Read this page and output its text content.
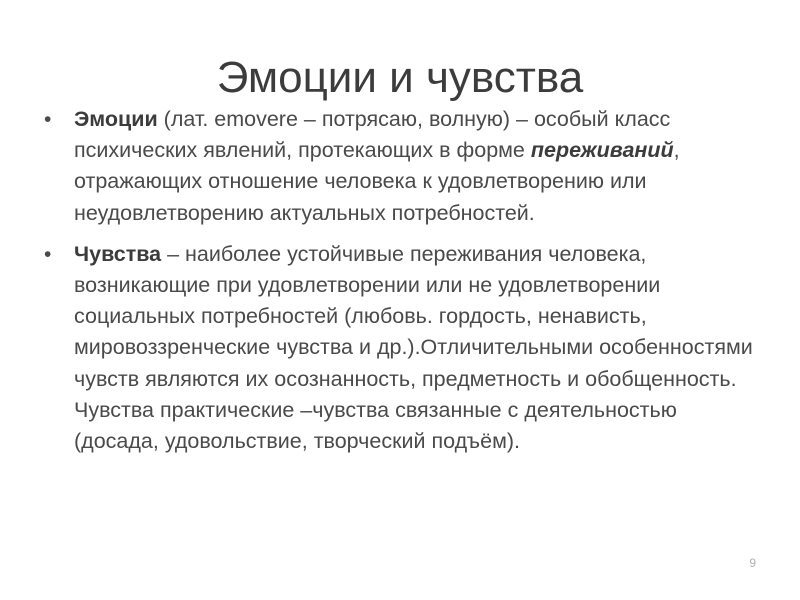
Эмоции и чувства

• Эмоции (лат. emovere – потрясаю, волную) – особый класс психических явлений, протекающих в форме переживаний, отражающих отношение человека к удовлетворению или неудовлетворению актуальных потребностей.

• Чувства – наиболее устойчивые переживания человека, возникающие при удовлетворении или не удовлетворении социальных потребностей (любовь. гордость, ненависть, мировоззренческие чувства и др.).Отличительными особенностями чувств являются их осознанность, предметность и обобщенность. Чувства практические –чувства связанные с деятельностью (досада, удовольствие, творческий подъём).

9
